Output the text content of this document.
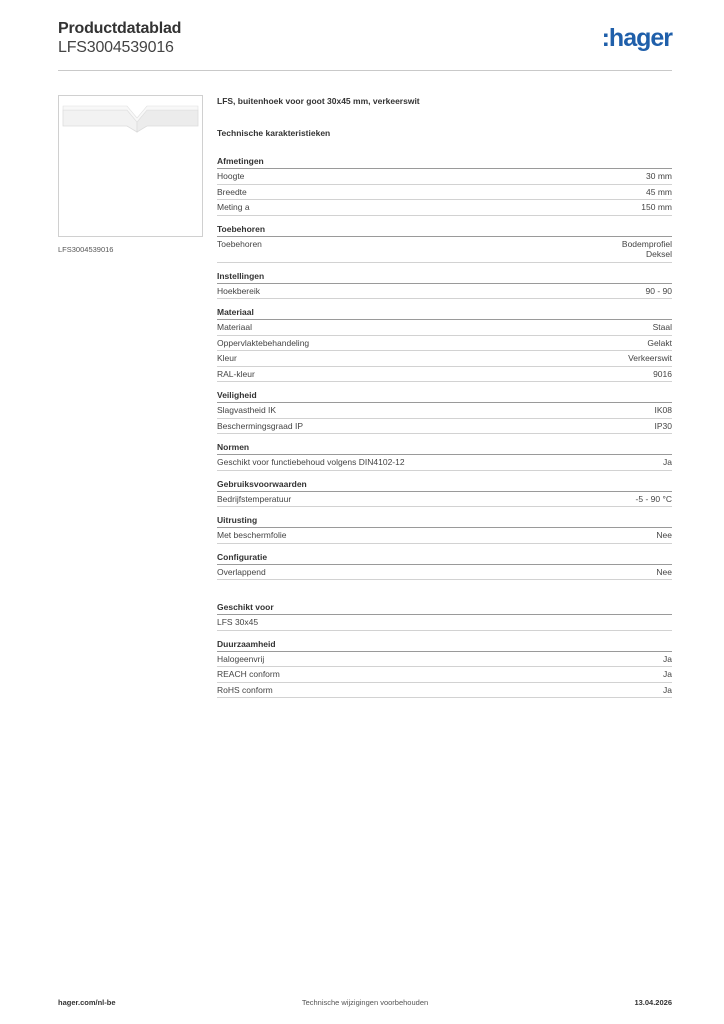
Productdatablad
LFS3004539016	:hager
LFS3004539016
LFS, buitenhoek voor goot 30x45 mm, verkeerswit
Technische karakteristieken
Afmetingen
Hoogte	30 mm
Breedte	45 mm
Meting a	150 mm
Toebehoren
Toebehoren	Bodemprofiel
Deksel
Instellingen
Hoekbereik	90 - 90
Materiaal
Materiaal	Staal
Oppervlaktebehandeling	Gelakt
Kleur	Verkeerswit
RAL-kleur	9016
Veiligheid
Slagvastheid IK	IK08
Beschermingsgraad IP	IP30
Normen
Geschikt voor functiebehoud volgens DIN4102-12	Ja
Gebruiksvoorwaarden
Bedrijfstemperatuur	-5 - 90 °C
Uitrusting
Met beschermfolie	Nee
Configuratie
Overlappend	Nee
Geschikt voor
LFS 30x45
Duurzaamheid
Halogeenvrij	Ja
REACH conform	Ja
RoHS conform	Ja
hager.com/nl-be	Technische wijzigingen voorbehouden	13.04.2026
